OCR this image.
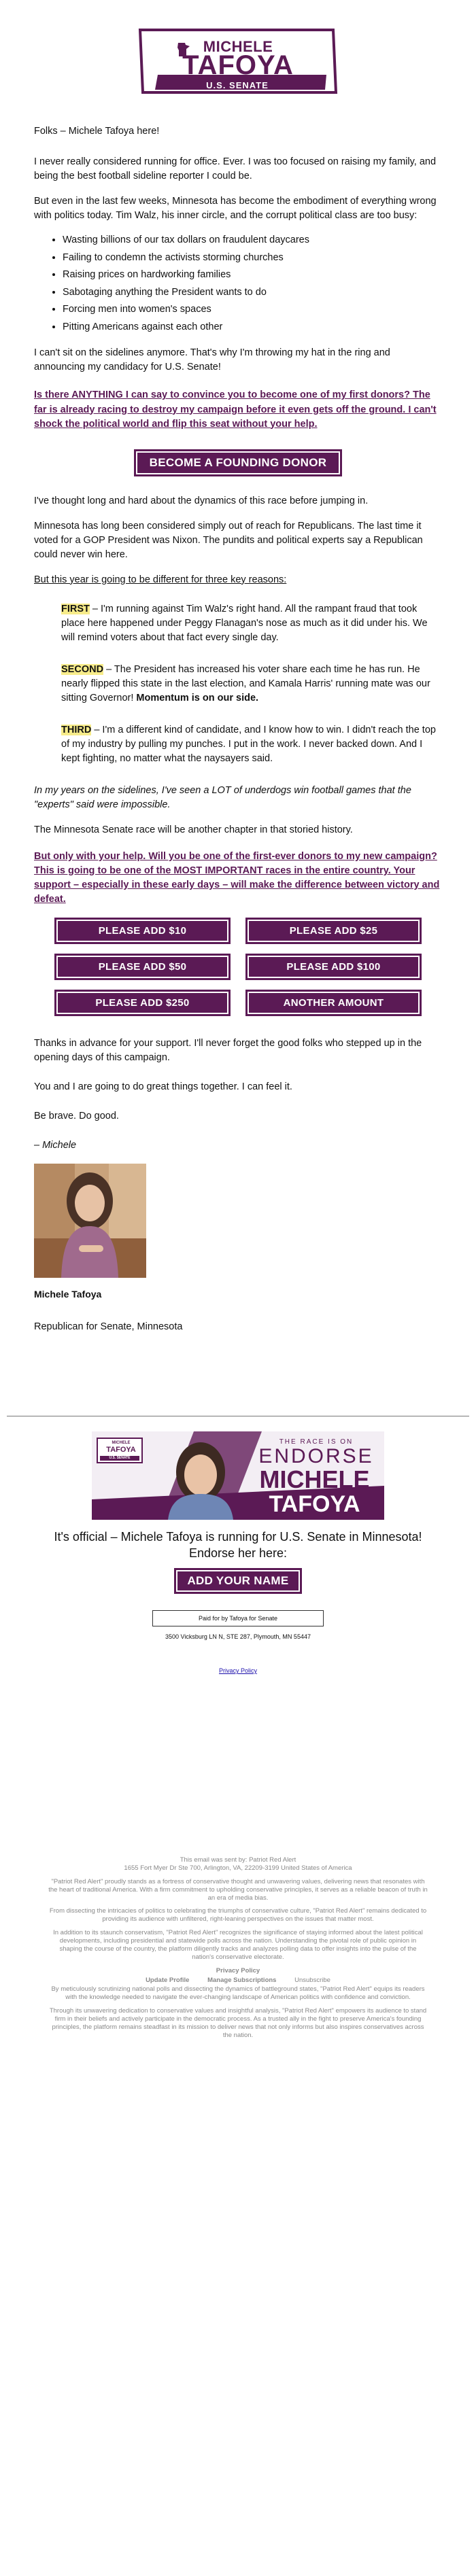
MICHELE
TAFOYA
U.S. SENATE

Folks – Michele Tafoya here!

I never really considered running for office. Ever. I was too focused on raising my family, and being the best football sideline reporter I could be.

But even in the last few weeks, Minnesota has become the embodiment of everything wrong with politics today. Tim Walz, his inner circle, and the corrupt political class are too busy:

• Wasting billions of our tax dollars on fraudulent daycares
• Failing to condemn the activists storming churches
• Raising prices on hardworking families
• Sabotaging anything the President wants to do
• Forcing men into women's spaces
• Pitting Americans against each other

I can't sit on the sidelines anymore. That's why I'm throwing my hat in the ring and announcing my candidacy for U.S. Senate!

Is there ANYTHING I can say to convince you to become one of my first donors? The far is already racing to destroy my campaign before it even gets off the ground. I can't shock the political world and flip this seat without your help.

BECOME A FOUNDING DONOR

I've thought long and hard about the dynamics of this race before jumping in.

Minnesota has long been considered simply out of reach for Republicans. The last time it voted for a GOP President was Nixon. The pundits and political experts say a Republican could never win here.

But this year is going to be different for three key reasons:

FIRST – I'm running against Tim Walz's right hand. All the rampant fraud that took place here happened under Peggy Flanagan's nose as much as it did under his. We will remind voters about that fact every single day.

SECOND – The President has increased his voter share each time he has run. He nearly flipped this state in the last election, and Kamala Harris' running mate was our sitting Governor! Momentum is on our side.

THIRD – I'm a different kind of candidate, and I know how to win. I didn't reach the top of my industry by pulling my punches. I put in the work. I never backed down. And I kept fighting, no matter what the naysayers said.

In my years on the sidelines, I've seen a LOT of underdogs win football games that the "experts" said were impossible.

The Minnesota Senate race will be another chapter in that storied history.

But only with your help. Will you be one of the first-ever donors to my new campaign? This is going to be one of the MOST IMPORTANT races in the entire country. Your support – especially in these early days – will make the difference between victory and defeat.

PLEASE ADD $10	PLEASE ADD $25
PLEASE ADD $50	PLEASE ADD $100
PLEASE ADD $250	ANOTHER AMOUNT

Thanks in advance for your support. I'll never forget the good folks who stepped up in the opening days of this campaign.

You and I are going to do great things together. I can feel it.

Be brave. Do good.

– Michele

Michele Tafoya

Republican for Senate, Minnesota

MICHELE
TAFOYA
U.S. SENATE
THE RACE IS ON
ENDORSE
MICHELE
TAFOYA

It's official – Michele Tafoya is running for U.S. Senate in Minnesota! Endorse her here:

ADD YOUR NAME
Paid for by Tafoya for Senate
3500 Vicksburg LN N, STE 287, Plymouth, MN 55447
Privacy Policy

This email was sent by: Patriot Red Alert

1655 Fort Myer Dr Ste 700, Arlington, VA, 22209-3199 United States of America

"Patriot Red Alert" proudly stands as a fortress of conservative thought and unwavering values, delivering news that resonates with the heart of traditional America. With a firm commitment to upholding conservative principles, it serves as a reliable beacon of truth in an era of media bias.

From dissecting the intricacies of politics to celebrating the triumphs of conservative culture, "Patriot Red Alert" remains dedicated to providing its audience with unfiltered, right-leaning perspectives on the issues that matter most.

In addition to its staunch conservatism, "Patriot Red Alert" recognizes the significance of staying informed about the latest political developments, including presidential and statewide polls across the nation. Understanding the pivotal role of public opinion in shaping the course of the country, the platform diligently tracks and analyzes polling data to offer insights into the pulse of the nation's conservative electorate.

Privacy Policy

Update Profile	Manage Subscriptions	Unsubscribe

By meticulously scrutinizing national polls and dissecting the dynamics of battleground states, "Patriot Red Alert" equips its readers with the knowledge needed to navigate the ever-changing landscape of American politics with confidence and conviction.

Through its unwavering dedication to conservative values and insightful analysis, "Patriot Red Alert" empowers its audience to stand firm in their beliefs and actively participate in the democratic process. As a trusted ally in the fight to preserve America's founding principles, the platform remains steadfast in its mission to deliver news that not only informs but also inspires conservatives across the nation.
